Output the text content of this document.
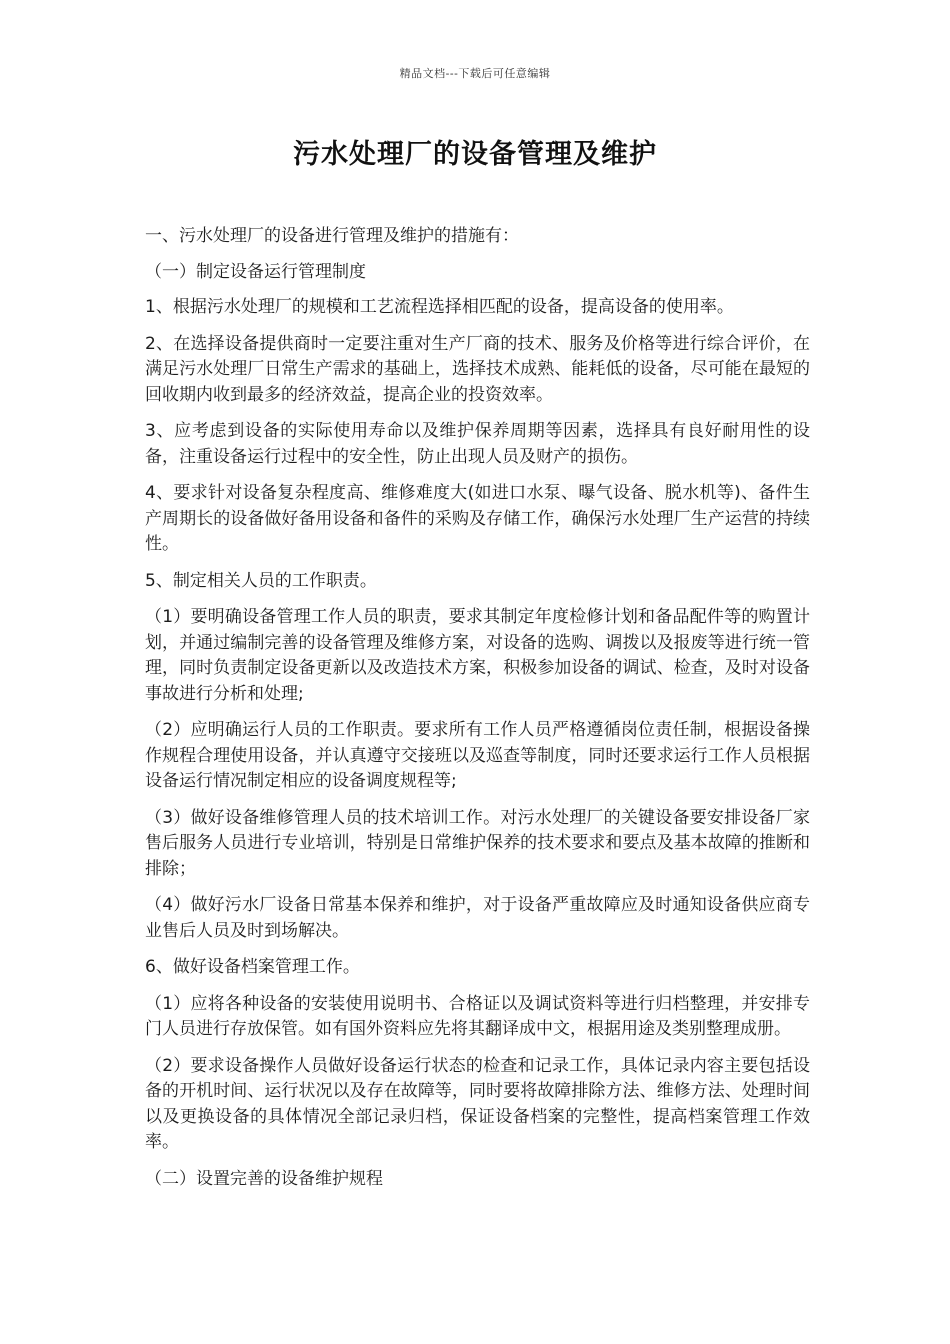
精品文档---下载后可任意编辑
污水处理厂的设备管理及维护

一、污水处理厂的设备进行管理及维护的措施有：

（一）制定设备运行管理制度

1、根据污水处理厂的规模和工艺流程选择相匹配的设备，提高设备的使用率。

2、在选择设备提供商时一定要注重对生产厂商的技术、服务及价格等进行综合评价，在满足污水处理厂日常生产需求的基础上，选择技术成熟、能耗低的设备，尽可能在最短的回收期内收到最多的经济效益，提高企业的投资效率。

3、应考虑到设备的实际使用寿命以及维护保养周期等因素，选择具有良好耐用性的设备，注重设备运行过程中的安全性，防止出现人员及财产的损伤。

4、要求针对设备复杂程度高、维修难度大(如进口水泵、曝气设备、脱水机等)、备件生产周期长的设备做好备用设备和备件的采购及存储工作，确保污水处理厂生产运营的持续性。

5、制定相关人员的工作职责。

（1）要明确设备管理工作人员的职责，要求其制定年度检修计划和备品配件等的购置计划，并通过编制完善的设备管理及维修方案，对设备的选购、调拨以及报废等进行统一管理，同时负责制定设备更新以及改造技术方案，积极参加设备的调试、检查，及时对设备事故进行分析和处理;

（2）应明确运行人员的工作职责。要求所有工作人员严格遵循岗位责任制，根据设备操作规程合理使用设备，并认真遵守交接班以及巡查等制度，同时还要求运行工作人员根据设备运行情况制定相应的设备调度规程等;

（3）做好设备维修管理人员的技术培训工作。对污水处理厂的关键设备要安排设备厂家售后服务人员进行专业培训，特别是日常维护保养的技术要求和要点及基本故障的推断和排除；

（4）做好污水厂设备日常基本保养和维护，对于设备严重故障应及时通知设备供应商专业售后人员及时到场解决。

6、做好设备档案管理工作。

（1）应将各种设备的安装使用说明书、合格证以及调试资料等进行归档整理，并安排专门人员进行存放保管。如有国外资料应先将其翻译成中文，根据用途及类别整理成册。

（2）要求设备操作人员做好设备运行状态的检查和记录工作，具体记录内容主要包括设备的开机时间、运行状况以及存在故障等，同时要将故障排除方法、维修方法、处理时间以及更换设备的具体情况全部记录归档，保证设备档案的完整性，提高档案管理工作效率。

（二）设置完善的设备维护规程
